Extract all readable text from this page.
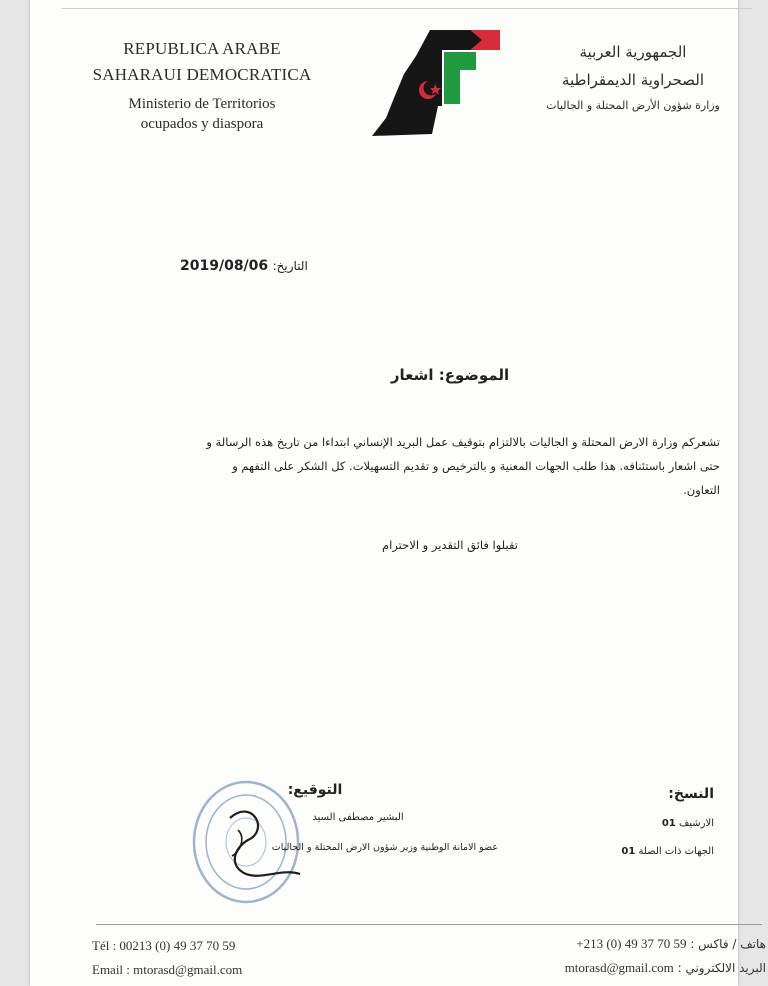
REPUBLICA ARABE
SAHARAUI DEMOCRATICA
Ministerio de Territorios
ocupados y diaspora
الجمهورية العربية
الصحراوية الديمقراطية
وزارة شؤون الأرض المحتلة و الجاليات
التاريخ: 2019/08/06
الموضوع: اشعار
تشعركم وزارة الارض المحتلة و الجاليات بالالتزام بتوقيف عمل البريد الإنساني ابتداءا من تاريخ هذه الرسالة و حتى اشعار باستئنافه. هذا طلب الجهات المعنية و بالترخيص و تقديم التسهيلات. كل الشكر على التفهم و التعاون.
تقبلوا فائق التقدير و الاحترام
التوقيع:
البشير مصطفى السيد
عضو الامانة الوطنية وزير شؤون الارض المحتلة و الجاليات
النسخ:
الارشيف 01
الجهات ذات الصلة 01
Tél : 00213 (0) 49 37 70 59
Email : mtorasd@gmail.com
هاتف / فاكس : +213 (0) 49 37 70 59
البريد الالكتروني : mtorasd@gmail.com
